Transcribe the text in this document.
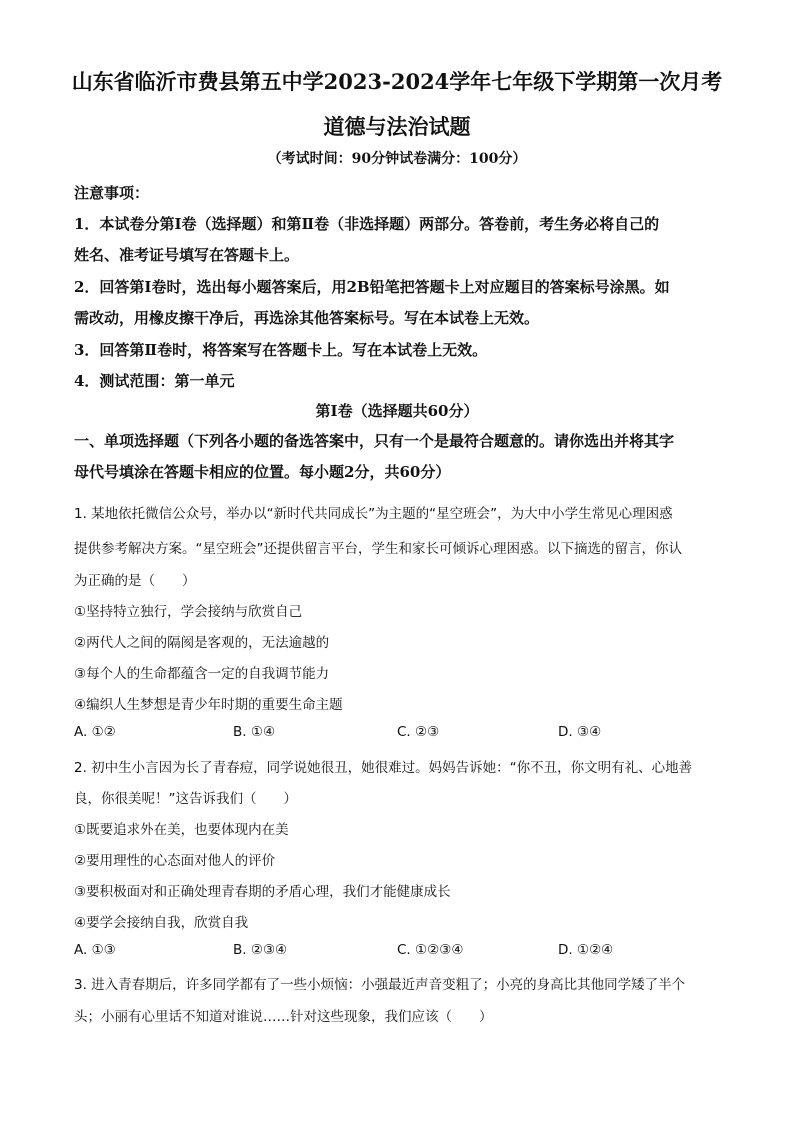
山东省临沂市费县第五中学2023-2024学年七年级下学期第一次月考
道德与法治试题
（考试时间：90分钟试卷满分：100分）
注意事项：
1．本试卷分第Ⅰ卷（选择题）和第Ⅱ卷（非选择题）两部分。答卷前，考生务必将自己的
姓名、准考证号填写在答题卡上。
2．回答第Ⅰ卷时，选出每小题答案后，用2B铅笔把答题卡上对应题目的答案标号涂黑。如
需改动，用橡皮擦干净后，再选涂其他答案标号。写在本试卷上无效。
3．回答第Ⅱ卷时，将答案写在答题卡上。写在本试卷上无效。
4．测试范围：第一单元
第Ⅰ卷（选择题共60分）
一、单项选择题（下列各小题的备选答案中，只有一个是最符合题意的。请你选出并将其字
母代号填涂在答题卡相应的位置。每小题2分，共60分）
1. 某地依托微信公众号，举办以“新时代共同成长”为主题的“星空班会”，为大中小学生常见心理困惑
提供参考解决方案。“星空班会”还提供留言平台，学生和家长可倾诉心理困惑。以下摘选的留言，你认
为正确的是（　　）
①坚持特立独行，学会接纳与欣赏自己
②两代人之间的隔阂是客观的，无法逾越的
③每个人的生命都蕴含一定的自我调节能力
④编织人生梦想是青少年时期的重要生命主题
A. ①②	B. ①④	C. ②③	D. ③④
2. 初中生小言因为长了青春痘，同学说她很丑，她很难过。妈妈告诉她：“你不丑，你文明有礼、心地善
良，你很美呢！”这告诉我们（　　）
①既要追求外在美，也要体现内在美
②要用理性的心态面对他人的评价
③要积极面对和正确处理青春期的矛盾心理，我们才能健康成长
④要学会接纳自我，欣赏自我
A. ①③	B. ②③④	C. ①②③④	D. ①②④
3. 进入青春期后，许多同学都有了一些小烦恼：小强最近声音变粗了；小亮的身高比其他同学矮了半个
头；小丽有心里话不知道对谁说……针对这些现象，我们应该（　　）
